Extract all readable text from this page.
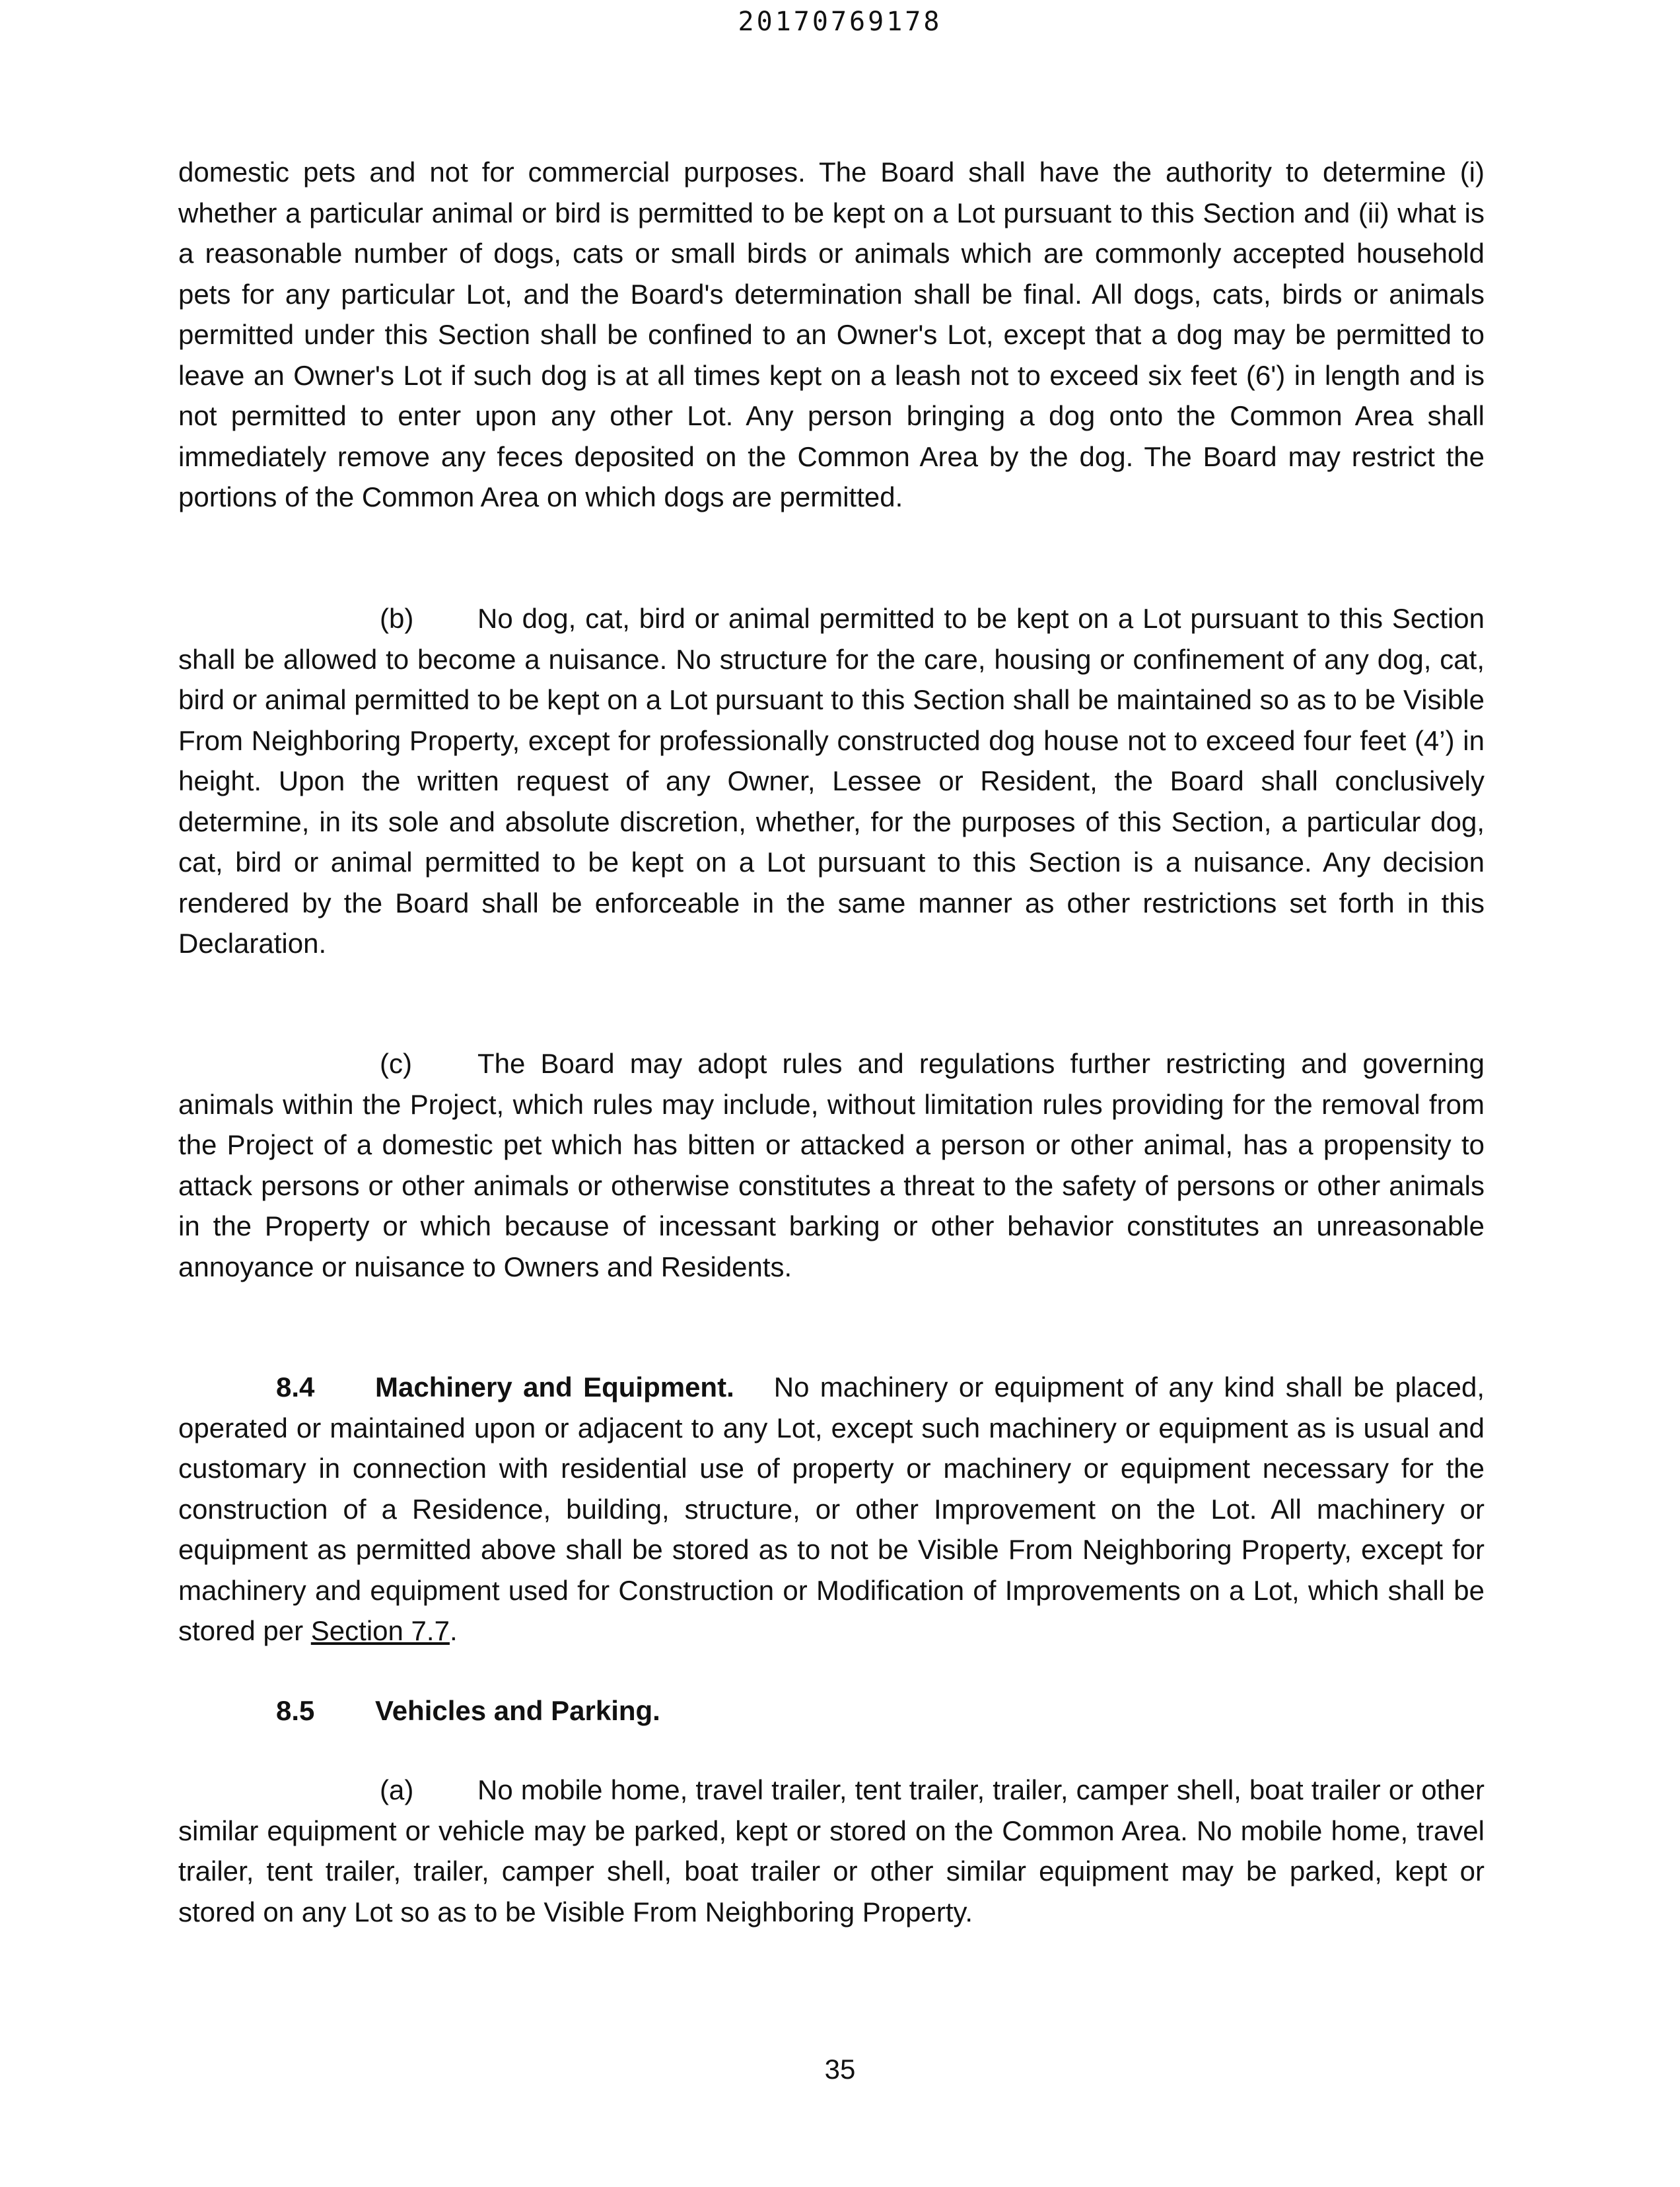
20170769178

domestic pets and not for commercial purposes. The Board shall have the authority to determine (i) whether a particular animal or bird is permitted to be kept on a Lot pursuant to this Section and (ii) what is a reasonable number of dogs, cats or small birds or animals which are commonly accepted household pets for any particular Lot, and the Board's determination shall be final. All dogs, cats, birds or animals permitted under this Section shall be confined to an Owner's Lot, except that a dog may be permitted to leave an Owner's Lot if such dog is at all times kept on a leash not to exceed six feet (6') in length and is not permitted to enter upon any other Lot. Any person bringing a dog onto the Common Area shall immediately remove any feces deposited on the Common Area by the dog. The Board may restrict the portions of the Common Area on which dogs are permitted.

(b) No dog, cat, bird or animal permitted to be kept on a Lot pursuant to this Section shall be allowed to become a nuisance. No structure for the care, housing or confinement of any dog, cat, bird or animal permitted to be kept on a Lot pursuant to this Section shall be maintained so as to be Visible From Neighboring Property, except for professionally constructed dog house not to exceed four feet (4’) in height. Upon the written request of any Owner, Lessee or Resident, the Board shall conclusively determine, in its sole and absolute discretion, whether, for the purposes of this Section, a particular dog, cat, bird or animal permitted to be kept on a Lot pursuant to this Section is a nuisance. Any decision rendered by the Board shall be enforceable in the same manner as other restrictions set forth in this Declaration.

(c) The Board may adopt rules and regulations further restricting and governing animals within the Project, which rules may include, without limitation rules providing for the removal from the Project of a domestic pet which has bitten or attacked a person or other animal, has a propensity to attack persons or other animals or otherwise constitutes a threat to the safety of persons or other animals in the Property or which because of incessant barking or other behavior constitutes an unreasonable annoyance or nuisance to Owners and Residents.

8.4 Machinery and Equipment. No machinery or equipment of any kind shall be placed, operated or maintained upon or adjacent to any Lot, except such machinery or equipment as is usual and customary in connection with residential use of property or machinery or equipment necessary for the construction of a Residence, building, structure, or other Improvement on the Lot. All machinery or equipment as permitted above shall be stored as to not be Visible From Neighboring Property, except for machinery and equipment used for Construction or Modification of Improvements on a Lot, which shall be stored per Section 7.7.

8.5 Vehicles and Parking.

(a) No mobile home, travel trailer, tent trailer, trailer, camper shell, boat trailer or other similar equipment or vehicle may be parked, kept or stored on the Common Area. No mobile home, travel trailer, tent trailer, trailer, camper shell, boat trailer or other similar equipment may be parked, kept or stored on any Lot so as to be Visible From Neighboring Property.

35
